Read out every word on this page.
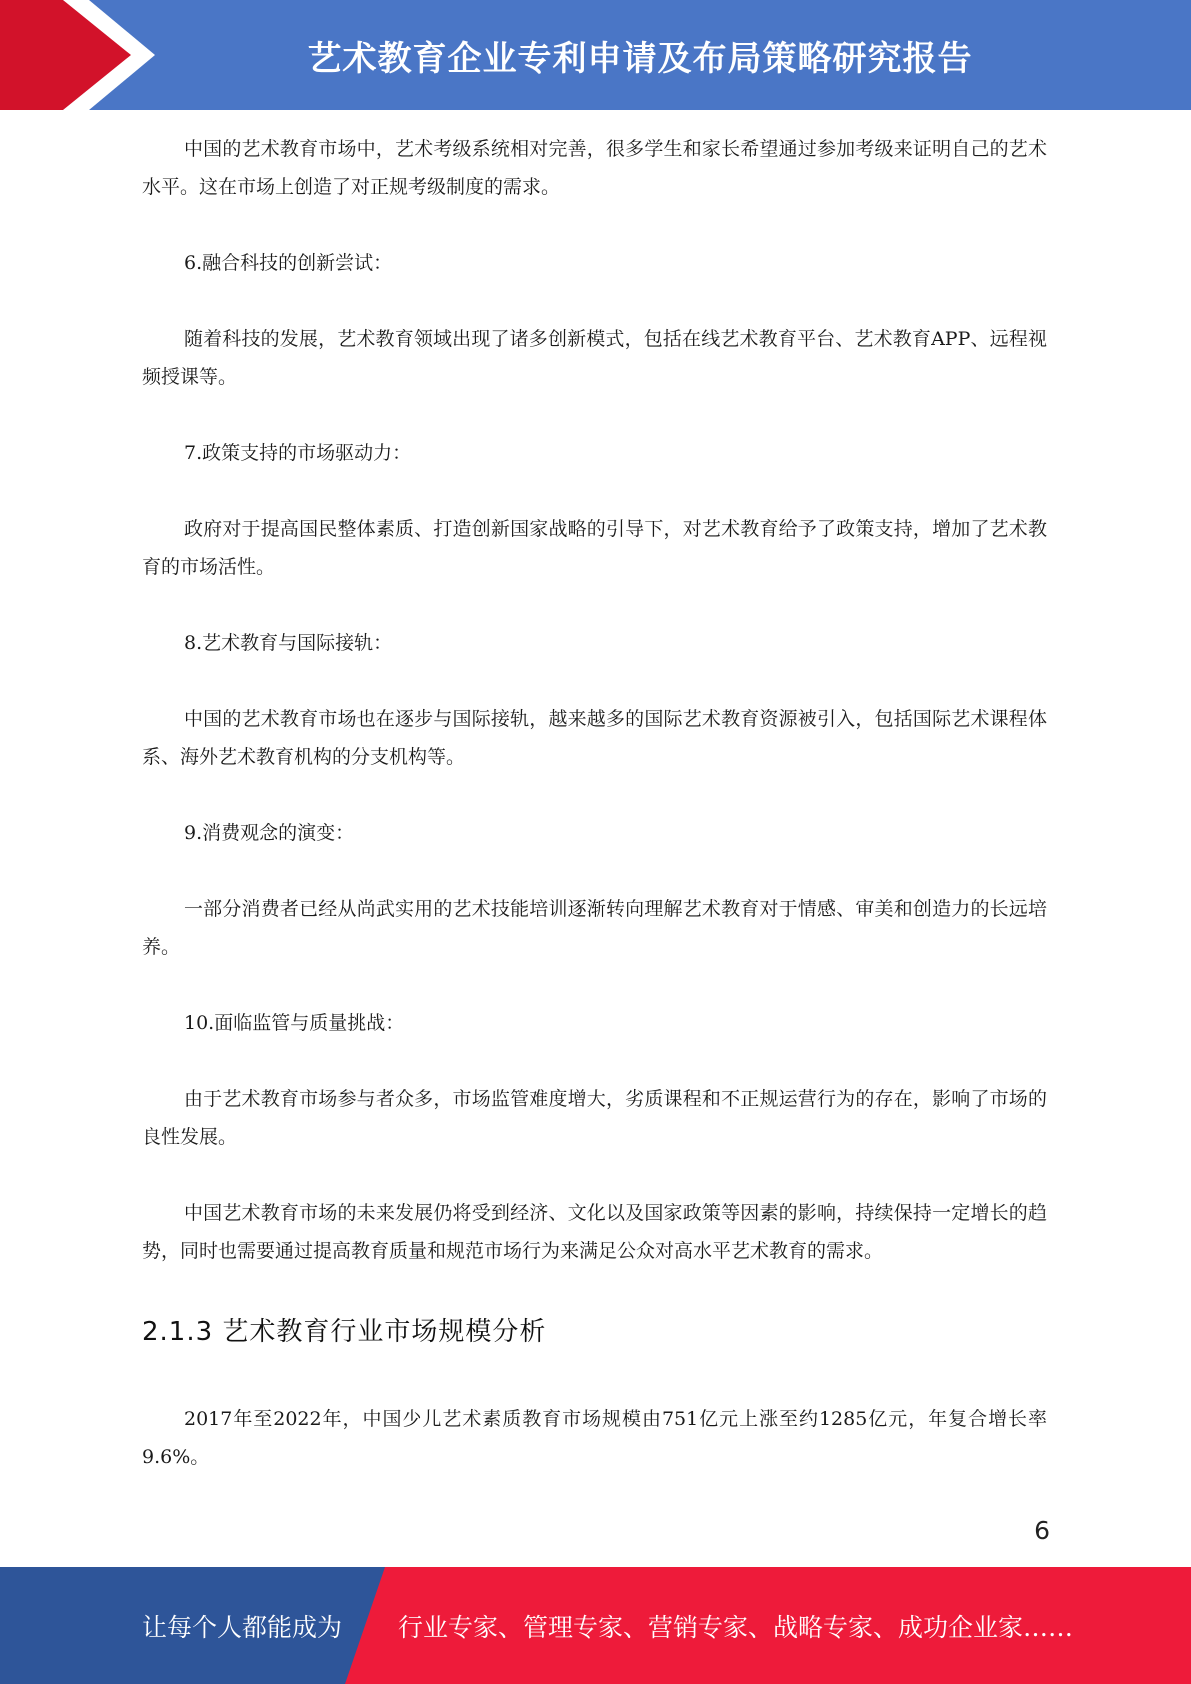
艺术教育企业专利申请及布局策略研究报告

中国的艺术教育市场中，艺术考级系统相对完善，很多学生和家长希望通过参加考级来证明自己的艺术水平。这在市场上创造了对正规考级制度的需求。

6.融合科技的创新尝试：

随着科技的发展，艺术教育领域出现了诸多创新模式，包括在线艺术教育平台、艺术教育APP、远程视频授课等。

7.政策支持的市场驱动力：

政府对于提高国民整体素质、打造创新国家战略的引导下，对艺术教育给予了政策支持，增加了艺术教育的市场活性。

8.艺术教育与国际接轨：

中国的艺术教育市场也在逐步与国际接轨，越来越多的国际艺术教育资源被引入，包括国际艺术课程体系、海外艺术教育机构的分支机构等。

9.消费观念的演变：

一部分消费者已经从尚武实用的艺术技能培训逐渐转向理解艺术教育对于情感、审美和创造力的长远培养。

10.面临监管与质量挑战：

由于艺术教育市场参与者众多，市场监管难度增大，劣质课程和不正规运营行为的存在，影响了市场的良性发展。

中国艺术教育市场的未来发展仍将受到经济、文化以及国家政策等因素的影响，持续保持一定增长的趋势，同时也需要通过提高教育质量和规范市场行为来满足公众对高水平艺术教育的需求。

2.1.3 艺术教育行业市场规模分析

2017年至2022年，中国少儿艺术素质教育市场规模由751亿元上涨至约1285亿元，年复合增长率9.6%。

6
让每个人都能成为 行业专家、管理专家、营销专家、战略专家、成功企业家……
